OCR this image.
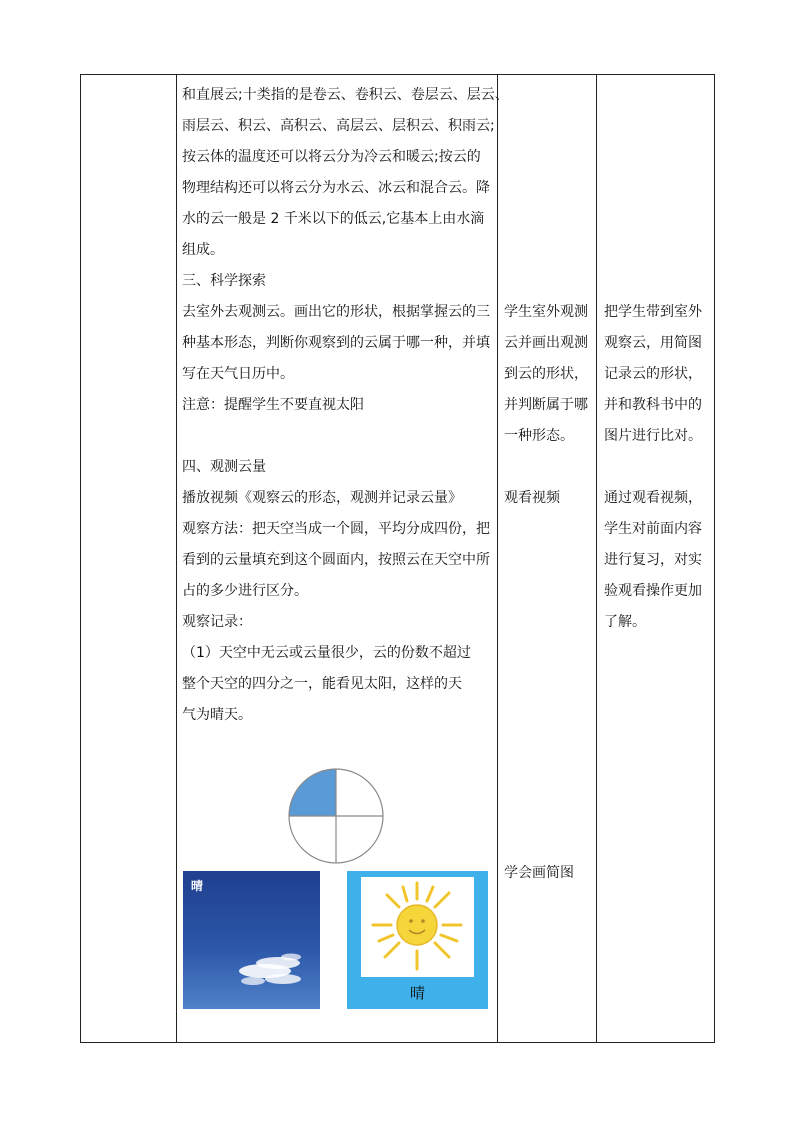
和直展云;十类指的是卷云、卷积云、卷层云、层云、
雨层云、积云、高积云、高层云、层积云、积雨云;
按云体的温度还可以将云分为冷云和暖云;按云的
物理结构还可以将云分为水云、冰云和混合云。降
水的云一般是 2 千米以下的低云,它基本上由水滴
组成。
三、科学探索
去室外去观测云。画出它的形状，根据掌握云的三
种基本形态，判断你观察到的云属于哪一种，并填
写在天气日历中。
注意：提醒学生不要直视太阳
四、观测云量
播放视频《观察云的形态，观测并记录云量》
观察方法：把天空当成一个圆，平均分成四份，把
看到的云量填充到这个圆面内，按照云在天空中所
占的多少进行区分。
观察记录：
（1）天空中无云或云量很少，云的份数不超过
整个天空的四分之一，能看见太阳，这样的天
气为晴天。
晴
晴
学生室外观测
云并画出观测
到云的形状，
并判断属于哪
一种形态。
观看视频
学会画简图
把学生带到室外
观察云，用简图
记录云的形状，
并和教科书中的
图片进行比对。
通过观看视频，
学生对前面内容
进行复习，对实
验观看操作更加
了解。
